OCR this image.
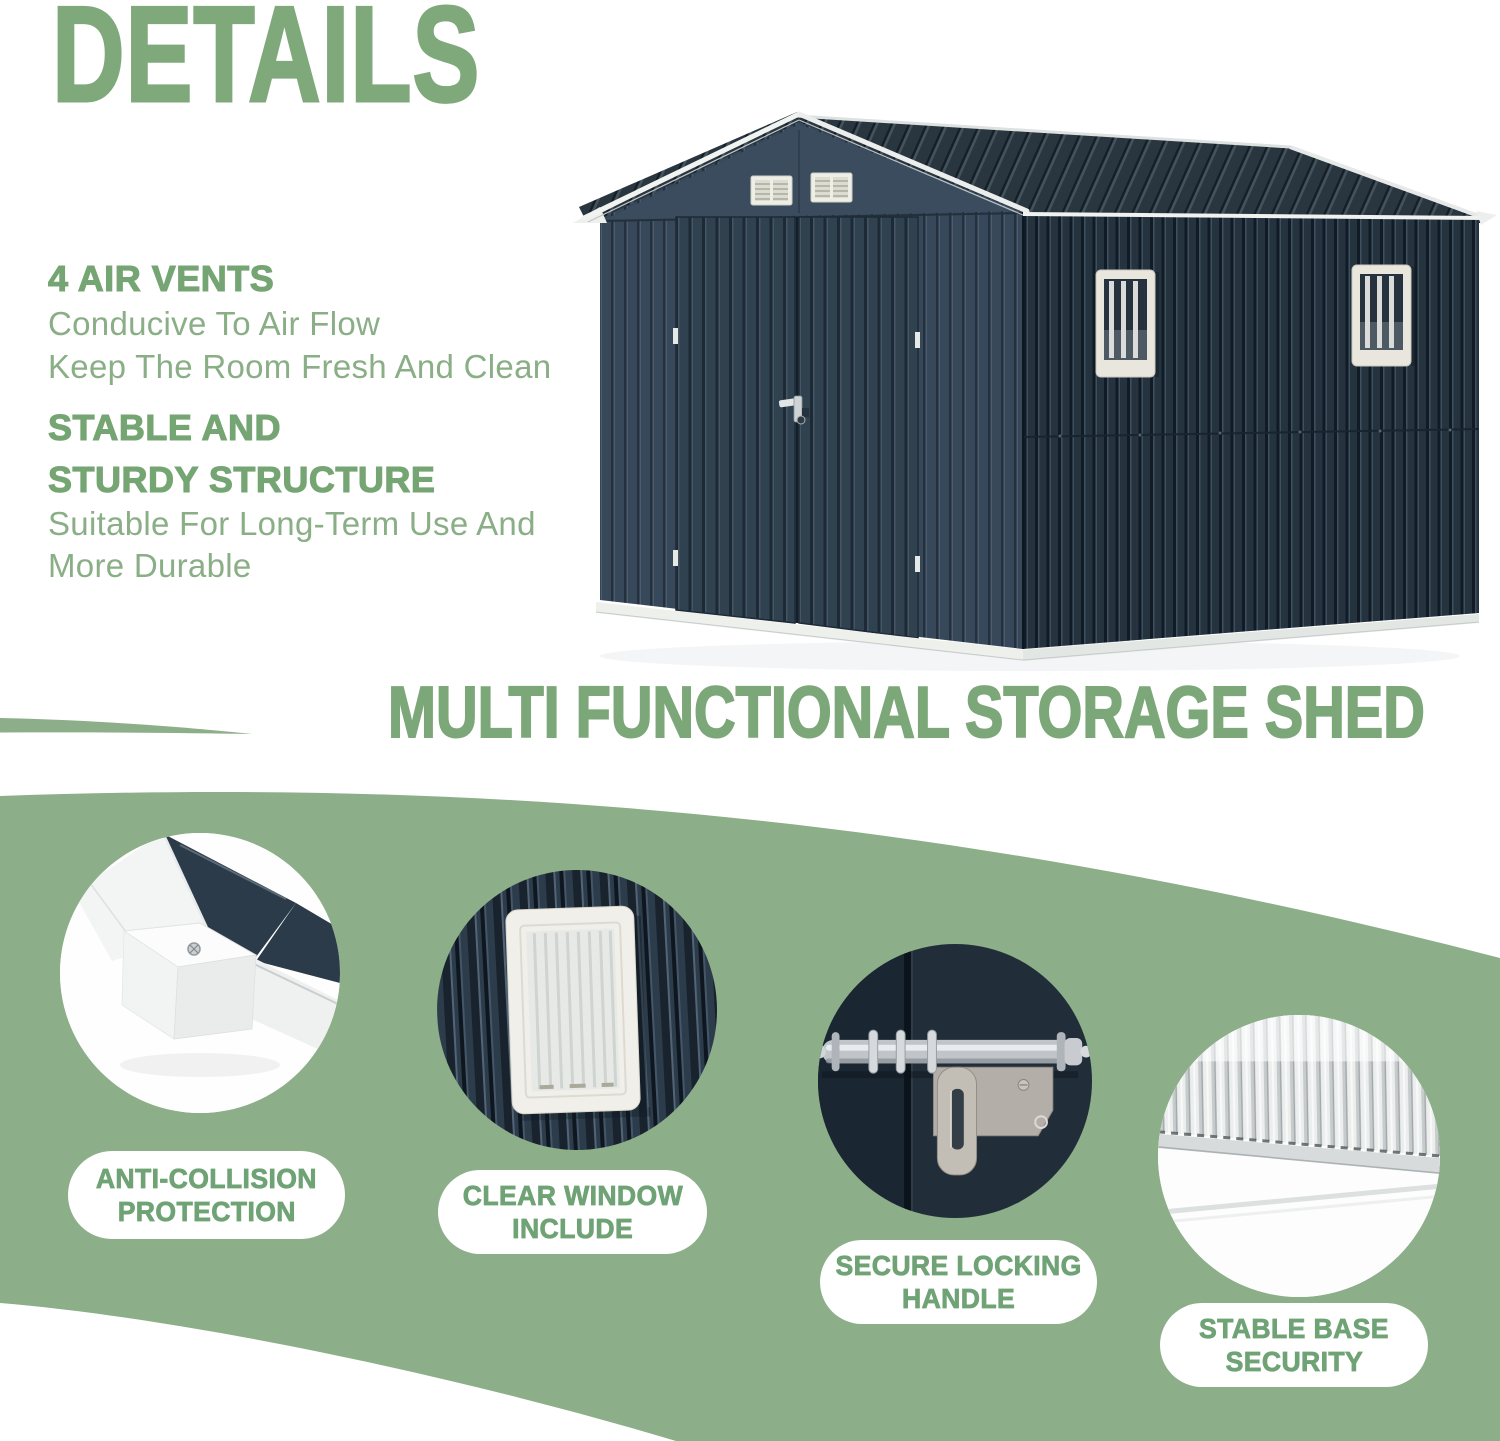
DETAILS
4 AIR VENTS
Conducive To Air Flow
Keep The Room Fresh And Clean
STABLE AND
STURDY STRUCTURE
Suitable For Long-Term Use And
More Durable
MULTI FUNCTIONAL STORAGE SHED
ANTI-COLLISION
PROTECTION
CLEAR WINDOW
INCLUDE
SECURE LOCKING
HANDLE
STABLE BASE
SECURITY
